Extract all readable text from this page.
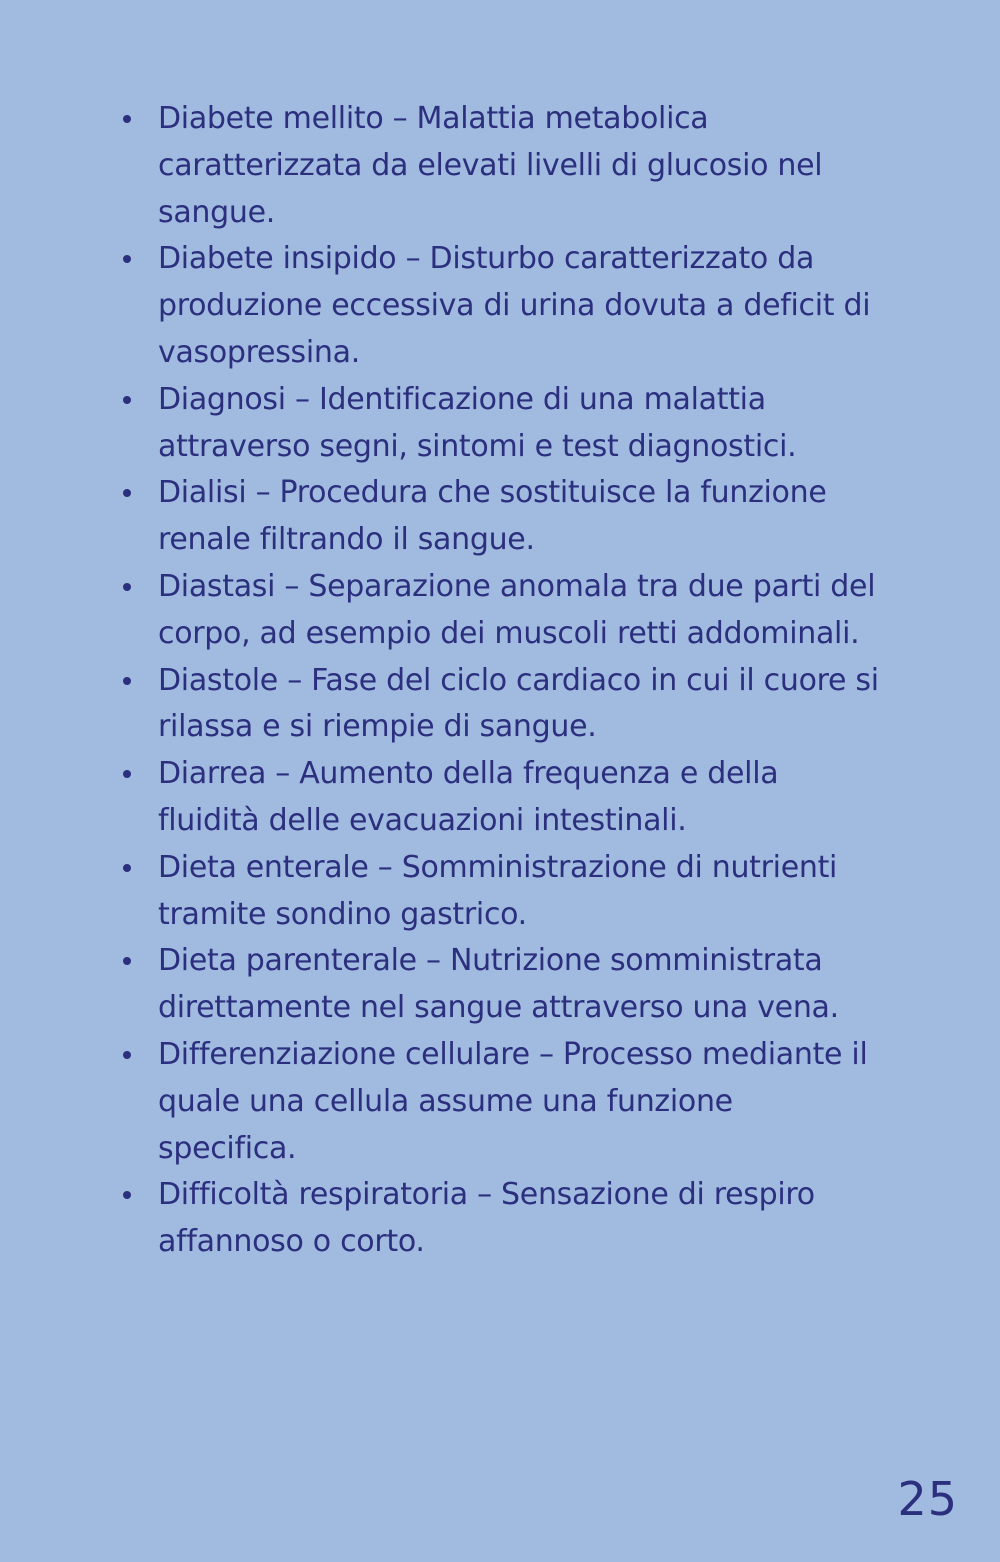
Diabete mellito – Malattia metabolica caratterizzata da elevati livelli di glucosio nel sangue.
Diabete insipido – Disturbo caratterizzato da produzione eccessiva di urina dovuta a deficit di vasopressina.
Diagnosi – Identificazione di una malattia attraverso segni, sintomi e test diagnostici.
Dialisi – Procedura che sostituisce la funzione renale filtrando il sangue.
Diastasi – Separazione anomala tra due parti del corpo, ad esempio dei muscoli retti addominali.
Diastole – Fase del ciclo cardiaco in cui il cuore si rilassa e si riempie di sangue.
Diarrea – Aumento della frequenza e della fluidità delle evacuazioni intestinali.
Dieta enterale – Somministrazione di nutrienti tramite sondino gastrico.
Dieta parenterale – Nutrizione somministrata direttamente nel sangue attraverso una vena.
Differenziazione cellulare – Processo mediante il quale una cellula assume una funzione specifica.
Difficoltà respiratoria – Sensazione di respiro affannoso o corto.
25
